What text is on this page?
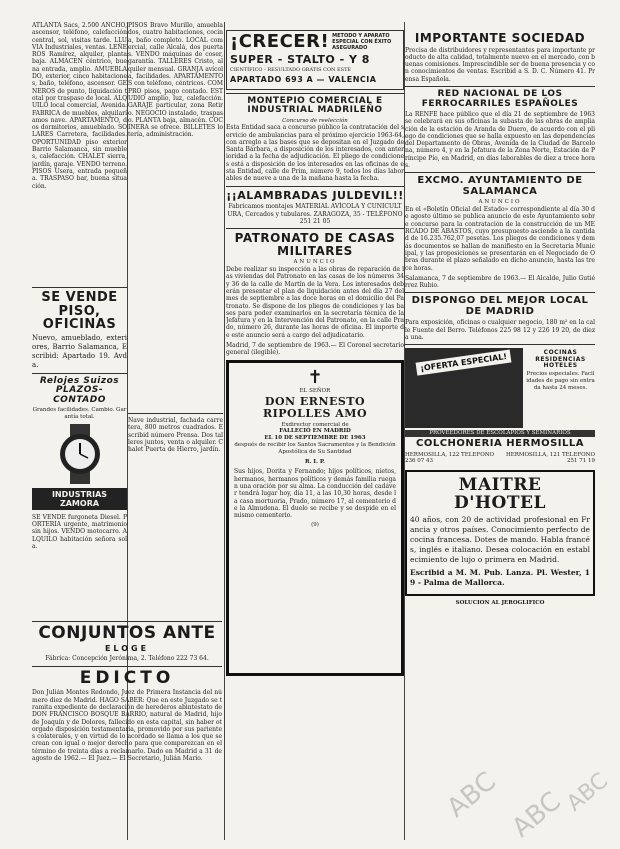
ATLANTA Sacs, 2.500 ANCHO, ascensor, teléfono, calefacción central, sol, visitas tarde. LLUVIA Industriales, ventas. LEÑEROS Ramírez, alquiler, planta baja. ALMACEN céntrico, buena entrada, amplio. AMUEBLADO, exterior, cinco habitaciones, baño, teléfono, ascensor. GENEROS de punto, liquidación total por traspaso de local. ALQUILO local comercial, Avenida. FABRICA de muebles, alquilaríamos nave. APARTAMENTO, dos dormitorios, amueblado. SOLARES Carretera, facilidades. OPORTUNIDAD piso exterior Barrio Salamanca, sin muebles, calefacción. CHALET sierra, jardín, garaje. VENDO terreno. PISOS Usera, entrada pequeña. TRASPASO bar, buena situación.

SE VENDE PISO, OFICINAS

Nuevo, amueblado, exteriores, Barrio Salamanca, Escribid: Apartado 19. Avda.

Relojes Suizos PLAZOS-CONTADO

Grandes facilidades. Cambio. Garantía total.

INDUSTRIAS ZAMORA

SE VENDE furgoneta Diesel. PORTERIA urgente, matrimonio sin hijos. VENDO motocarro. ALQUILO habitación señora sola.

PISOS Bravo Murillo, amueblados, cuatro habitaciones, cocina, baño completo. LOCAL comercial, calle Alcalá, dos puertas. VENDO máquinas de coser, garantía. TALLERES Cristo, alquiler mensual. GRANJA avícola, facilidades. APARTAMENTOS con teléfono, céntricos. COMPRO pisos, pago contado. ESTUDIO amplio, luz, calefacción. GARAJE particular, zona Retiro. NEGOCIO instalado, traspaso. PLANTA baja, almacén. COCINERA se ofrece. BILLETES lotería, administración.

Nave industrial, fachada carretera, 800 metros cuadrados. Escribid número Prensa. Dos talleres juntos, venta o alquiler. Chalet Puerta de Hierro, jardín.

CONJUNTOS ANTE
ELOGE

Fábrica: Concepción Jerónima, 2. Teléfono 222 73 64.

EDICTO

Don Julián Montes Redondo, Juez de Primera Instancia del número diez de Madrid. HAGO SABER: Que en este Juzgado se tramita expediente de declaración de herederos abintestato de DON FRANCISCO BOSQUE BARRIO, natural de Madrid, hijo de Joaquín y de Dolores, fallecido en esta capital, sin haber otorgado disposición testamentaria, promovido por sus parientes colaterales, y en virtud de lo acordado se llama a los que se crean con igual o mejor derecho para que comparezcan en el término de treinta días a reclamarlo. Dado en Madrid a 31 de agosto de 1962.— El Juez.— El Secretario, Julián Mario.

¡CRECER! METODO Y APARATO ESPECIAL CON ÉXITO ASEGURADO
SUPER - STALTO - Y 8
CIENTÍFICO - RESULTADO GRATIS CON ESTE
APARTADO 693 A — VALENCIA
MONTEPIO COMERCIAL E INDUSTRIAL MADRILEÑO
Concurso de reelección

Esta Entidad saca a concurso público la contratación del servicio de ambulancias para el próximo ejercicio 1963-64, con arreglo a las bases que se depositan en el Juzgado de Santa Bárbara, a disposición de los interesados, con anterioridad a la fecha de adjudicación. El pliego de condiciones está a disposición de los interesados en las oficinas de esta Entidad, calle de Prim, número 9, todos los días laborables de nueve a una de la mañana hasta la fecha.

¡¡ALAMBRADAS JULDEVIL!!

Fabricamos montajes MATERIAL AVÍCOLA Y CUNICULTURA, Cercados y tubulares. ZARAGOZA, 35 - TELÉFONO 251 21 05

PATRONATO DE CASAS MILITARES
ANUNCIO

Debe realizar su inspección a las obras de reparación de las viviendas del Patronato en las casas de los números 34 y 36 de la calle de Martín de la Vera. Los interesados deberán presentar el plan de liquidación antes del día 27 del mes de septiembre a las doce horas en el domicilio del Patronato. Se dispone de los pliegos de condiciones y las bases para poder examinarlos en la secretaría técnica de la Jefatura y en la Intervención del Patronato, en la calle Prado, número 26, durante las horas de oficina. El importe de este anuncio será a cargo del adjudicatario.

Madrid, 7 de septiembre de 1963.— El Coronel secretario general (ilegible).

✝
EL SEÑOR
DON ERNESTO RIPOLLES AMO
Exdirector comercial de
FALLECIÓ EN MADRID
EL 10 DE SEPTIEMBRE DE 1963
después de recibir los Santos Sacramentos y la Bendición Apostólica de Su Santidad
R. I. P.

Sus hijos, Dorita y Fernando; hijos políticos, nietos, hermanos, hermanos políticos y demás familia ruegan una oración por su alma. La conducción del cadáver tendrá lugar hoy, día 11, a las 10,30 horas, desde la casa mortuoria, Prado, número 17, al cementerio de la Almudena. El duelo se recibe y se despide en el mismo cementerio.

(9)
IMPORTANTE SOCIEDAD

Precisa de distribuidores y representantes para importante producto de alta calidad, totalmente nuevo en el mercado, con buenas comisiones. Imprescindible ser de buena presencia y con conocimientos de ventas. Escribid a S. D. C. Número 41. Prensa Española.

RED NACIONAL DE LOS FERROCARRILES ESPAÑOLES

La RENFE hace público que el día 21 de septiembre de 1963 se celebrará en sus oficinas la subasta de las obras de ampliación de la estación de Aranda de Duero, de acuerdo con el pliego de condiciones que se halla expuesto en las dependencias del Departamento de Obras, Avenida de la Ciudad de Barcelona, número 4, y en la Jefatura de la Zona Norte, Estación de Príncipe Pío, en Madrid, en días laborables de diez a trece horas.

EXCMO. AYUNTAMIENTO DE SALAMANCA
ANUNCIO

En el «Boletín Oficial del Estado» correspondiente al día 30 de agosto último se publica anuncio de este Ayuntamiento sobre concurso para la contratación de la construcción de un MERCADO DE ABASTOS, cuyo presupuesto asciende a la cantidad de 16.235.762,07 pesetas. Los pliegos de condiciones y demás documentos se hallan de manifiesto en la Secretaría Municipal, y las proposiciones se presentarán en el Negociado de Obras durante el plazo señalado en dicho anuncio, hasta las trece horas.

Salamanca, 7 de septiembre de 1963.— El Alcalde, Julio Gutiérrez Rubio.

DISPONGO DEL MEJOR LOCAL DE MADRID

Para exposición, oficinas o cualquier negocio, 180 m² en la calle Fuente del Berro. Teléfonos 225 98 12 y 226 19 20, de diez a una.

¡OFERTA ESPECIAL!	COCINAS RESIDENCIAS HOTELES

Precios especiales. Facilidades de pago sin entrada hasta 24 meses.

PROVEEDORES DE ESCOLAPIOS Y SEMINARIOS
COLCHONERIA HERMOSILLA
HERMOSILLA, 122 TELEFONO 236 07 43
HERMOSILLA, 121 TELEFONO 251 71 19
MAITRE D'HOTEL

40 años, con 20 de actividad profesional en Francia y otros países. Conocimiento perfecto de cocina francesa. Dotes de mando. Habla francés, inglés e italiano. Desea colocación en establecimiento de lujo o primera en Madrid.

Escribid a M. M. Pub. Lanza. Pl. Wester, 19 - Palma de Mallorca.

SOLUCION AL JEROGLIFICO
ABC ABC
ABC
